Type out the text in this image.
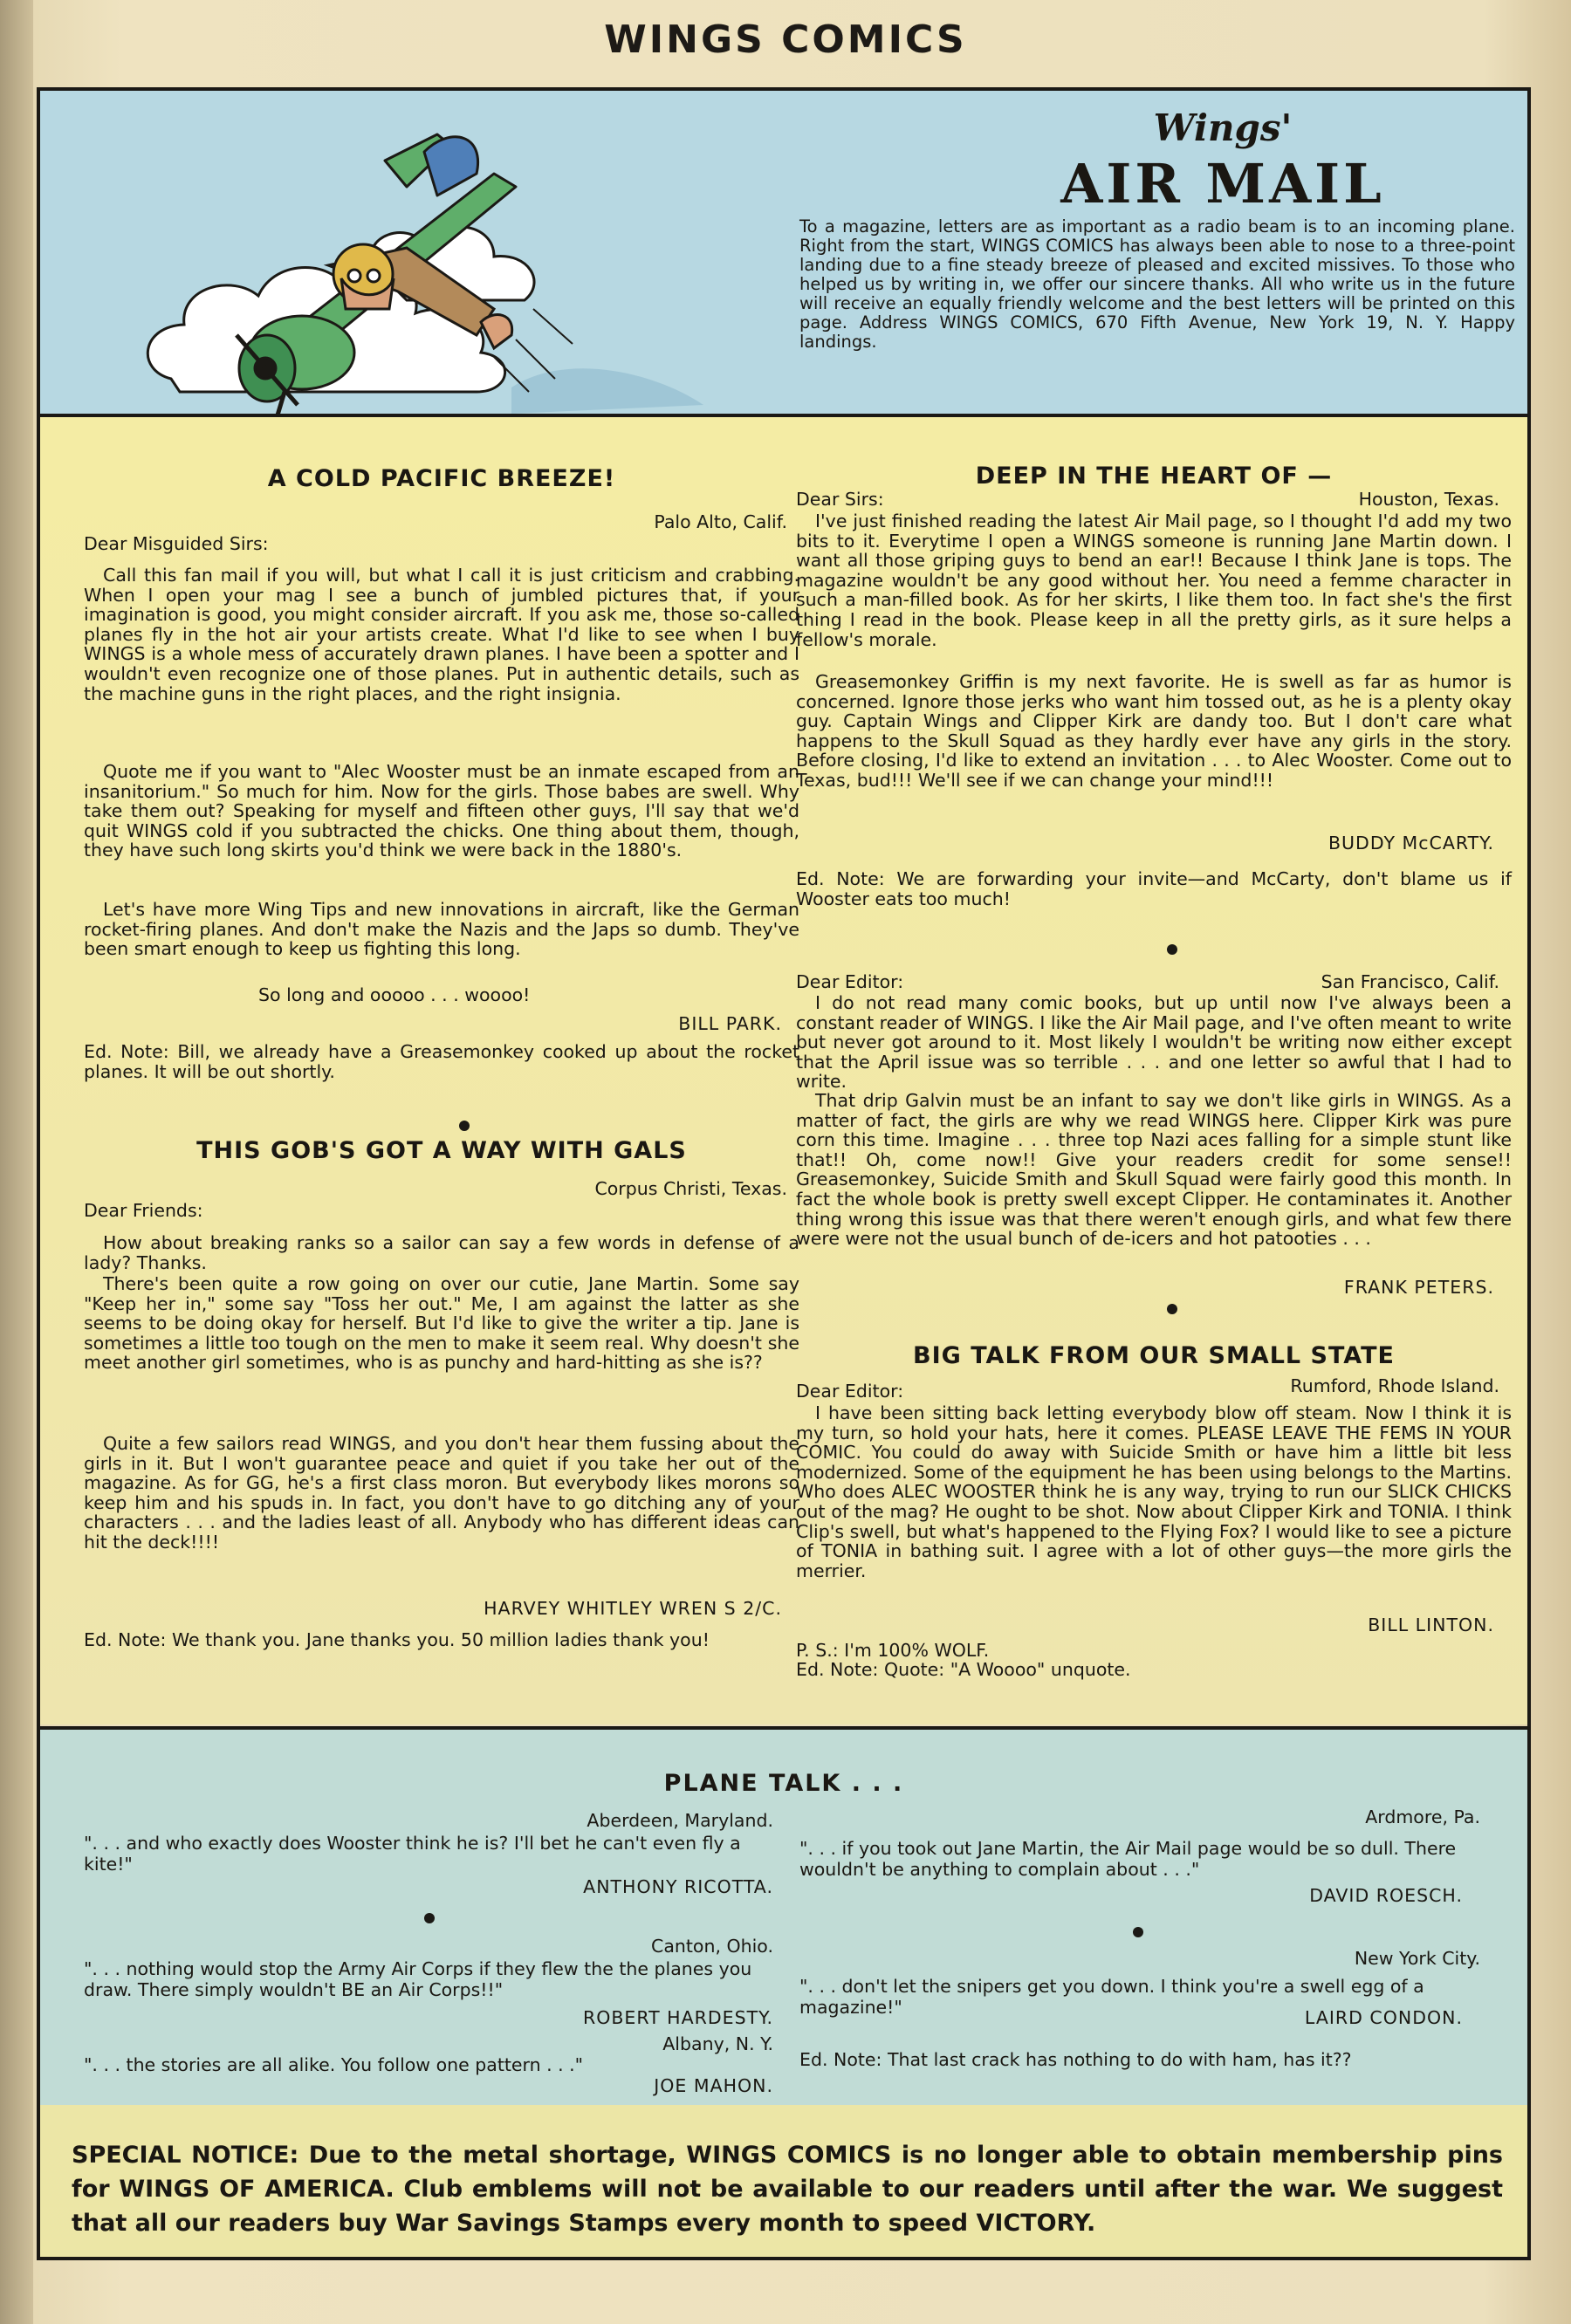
WINGS COMICS
Wings'
AIR MAIL
To a magazine, letters are as important as a radio beam is to an incoming plane. Right from the start, WINGS COMICS has always been able to nose to a three-point landing due to a fine steady breeze of pleased and excited missives. To those who helped us by writing in, we offer our sincere thanks. All who write us in the future will receive an equally friendly welcome and the best letters will be printed on this page. Address WINGS COMICS, 670 Fifth Avenue, New York 19, N. Y. Happy landings.
A COLD PACIFIC BREEZE!
Palo Alto, Calif.
Dear Misguided Sirs:
Call this fan mail if you will, but what I call it is just criticism and crabbing. When I open your mag I see a bunch of jumbled pictures that, if your imagination is good, you might consider aircraft. If you ask me, those so-called planes fly in the hot air your artists create. What I'd like to see when I buy WINGS is a whole mess of accurately drawn planes. I have been a spotter and I wouldn't even recognize one of those planes. Put in authentic details, such as the machine guns in the right places, and the right insignia.
Quote me if you want to "Alec Wooster must be an inmate escaped from an insanitorium." So much for him. Now for the girls. Those babes are swell. Why take them out? Speaking for myself and fifteen other guys, I'll say that we'd quit WINGS cold if you subtracted the chicks. One thing about them, though, they have such long skirts you'd think we were back in the 1880's.
Let's have more Wing Tips and new innovations in aircraft, like the German rocket-firing planes. And don't make the Nazis and the Japs so dumb. They've been smart enough to keep us fighting this long.
So long and ooooo . . . woooo!
BILL PARK.
Ed. Note: Bill, we already have a Greasemonkey cooked up about the rocket planes. It will be out shortly.
THIS GOB'S GOT A WAY WITH GALS
Corpus Christi, Texas.
Dear Friends:
How about breaking ranks so a sailor can say a few words in defense of a lady? Thanks.
There's been quite a row going on over our cutie, Jane Martin. Some say "Keep her in," some say "Toss her out." Me, I am against the latter as she seems to be doing okay for herself. But I'd like to give the writer a tip. Jane is sometimes a little too tough on the men to make it seem real. Why doesn't she meet another girl sometimes, who is as punchy and hard-hitting as she is??
Quite a few sailors read WINGS, and you don't hear them fussing about the girls in it. But I won't guarantee peace and quiet if you take her out of the magazine. As for GG, he's a first class moron. But everybody likes morons so keep him and his spuds in. In fact, you don't have to go ditching any of your characters . . . and the ladies least of all. Anybody who has different ideas can hit the deck!!!!
HARVEY WHITLEY WREN S 2/C.
Ed. Note: We thank you. Jane thanks you. 50 million ladies thank you!
DEEP IN THE HEART OF —
Dear Sirs:	Houston, Texas.
I've just finished reading the latest Air Mail page, so I thought I'd add my two bits to it. Everytime I open a WINGS someone is running Jane Martin down. I want all those griping guys to bend an ear!! Because I think Jane is tops. The magazine wouldn't be any good without her. You need a femme character in such a man-filled book. As for her skirts, I like them too. In fact she's the first thing I read in the book. Please keep in all the pretty girls, as it sure helps a fellow's morale.
Greasemonkey Griffin is my next favorite. He is swell as far as humor is concerned. Ignore those jerks who want him tossed out, as he is a plenty okay guy. Captain Wings and Clipper Kirk are dandy too. But I don't care what happens to the Skull Squad as they hardly ever have any girls in the story. Before closing, I'd like to extend an invitation . . . to Alec Wooster. Come out to Texas, bud!!! We'll see if we can change your mind!!!
BUDDY McCARTY.
Ed. Note: We are forwarding your invite—and McCarty, don't blame us if Wooster eats too much!
Dear Editor:	San Francisco, Calif.
I do not read many comic books, but up until now I've always been a constant reader of WINGS. I like the Air Mail page, and I've often meant to write but never got around to it. Most likely I wouldn't be writing now either except that the April issue was so terrible . . . and one letter so awful that I had to write.
That drip Galvin must be an infant to say we don't like girls in WINGS. As a matter of fact, the girls are why we read WINGS here. Clipper Kirk was pure corn this time. Imagine . . . three top Nazi aces falling for a simple stunt like that!! Oh, come now!! Give your readers credit for some sense!! Greasemonkey, Suicide Smith and Skull Squad were fairly good this month. In fact the whole book is pretty swell except Clipper. He contaminates it. Another thing wrong this issue was that there weren't enough girls, and what few there were were not the usual bunch of de-icers and hot patooties . . .
FRANK PETERS.
BIG TALK FROM OUR SMALL STATE
Dear Editor:	Rumford, Rhode Island.
I have been sitting back letting everybody blow off steam. Now I think it is my turn, so hold your hats, here it comes. PLEASE LEAVE THE FEMS IN YOUR COMIC. You could do away with Suicide Smith or have him a little bit less modernized. Some of the equipment he has been using belongs to the Martins. Who does ALEC WOOSTER think he is any way, trying to run our SLICK CHICKS out of the mag? He ought to be shot. Now about Clipper Kirk and TONIA. I think Clip's swell, but what's happened to the Flying Fox? I would like to see a picture of TONIA in bathing suit. I agree with a lot of other guys—the more girls the merrier.
BILL LINTON.
P. S.: I'm 100% WOLF.
Ed. Note: Quote: "A Woooo" unquote.
PLANE TALK . . .
Aberdeen, Maryland.
". . . and who exactly does Wooster think he is? I'll bet he can't even fly a kite!"
ANTHONY RICOTTA.
Canton, Ohio.
". . . nothing would stop the Army Air Corps if they flew the the planes you draw. There simply wouldn't BE an Air Corps!!"
ROBERT HARDESTY.
Albany, N. Y.
". . . the stories are all alike. You follow one pattern . . ."
JOE MAHON.
Ardmore, Pa.
". . . if you took out Jane Martin, the Air Mail page would be so dull. There wouldn't be anything to complain about . . ."
DAVID ROESCH.
New York City.
". . . don't let the snipers get you down. I think you're a swell egg of a magazine!"	LAIRD CONDON.
Ed. Note: That last crack has nothing to do with ham, has it??
SPECIAL NOTICE: Due to the metal shortage, WINGS COMICS is no longer able to obtain membership pins for WINGS OF AMERICA. Club emblems will not be available to our readers until after the war. We suggest that all our readers buy War Savings Stamps every month to speed VICTORY.
